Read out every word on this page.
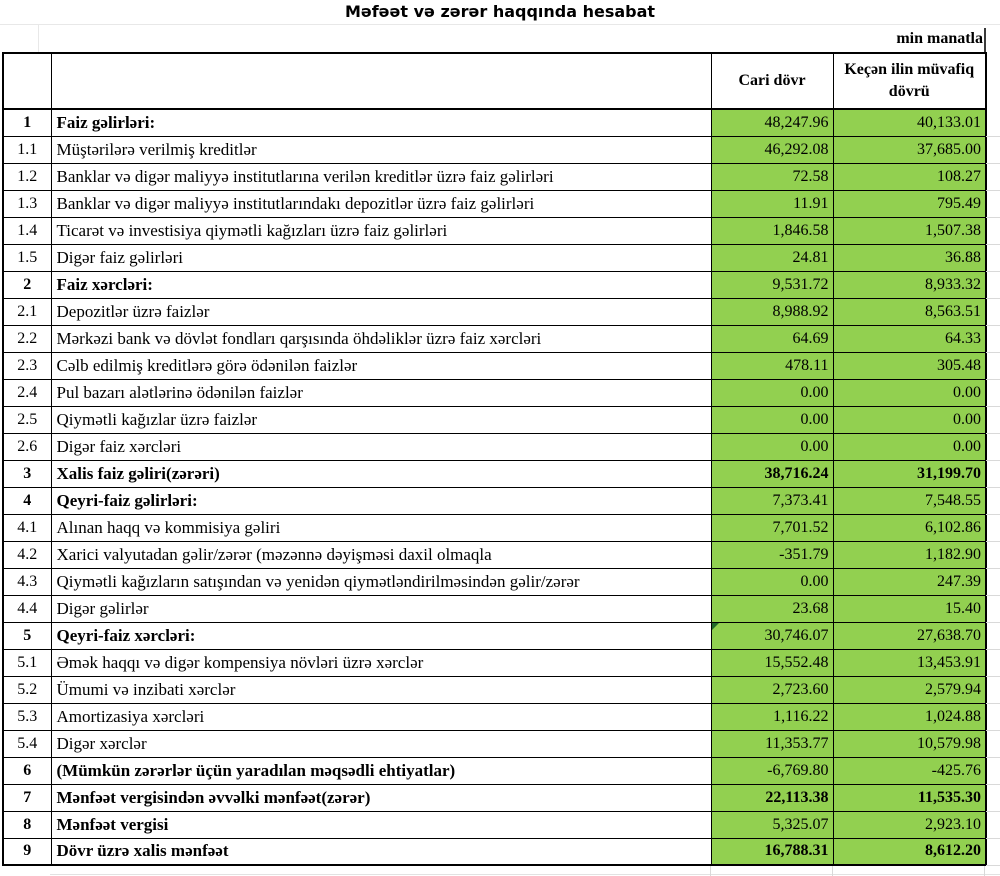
Məfəət və zərər haqqında hesabat
min manatla
		Cari dövr	Keçən ilin müvafiq dövrü
1	Faiz gəlirləri:	48,247.96	40,133.01

1.1	Müştərilərə verilmiş kreditlər	46,292.08	37,685.00

1.2	Banklar və digər maliyyə institutlarına verilən kreditlər üzrə faiz gəlirləri	72.58	108.27

1.3	Banklar və digər maliyyə institutlarındakı depozitlər üzrə faiz gəlirləri	11.91	795.49

1.4	Ticarət və investisiya qiymətli kağızları üzrə faiz gəlirləri	1,846.58	1,507.38

1.5	Digər faiz gəlirləri	24.81	36.88

2	Faiz xərcləri:	9,531.72	8,933.32

2.1	Depozitlər üzrə faizlər	8,988.92	8,563.51

2.2	Mərkəzi bank və dövlət fondları qarşısında öhdəliklər üzrə faiz xərcləri	64.69	64.33

2.3	Cəlb edilmiş kreditlərə görə ödənilən faizlər	478.11	305.48

2.4	Pul bazarı alətlərinə ödənilən faizlər	0.00	0.00

2.5	Qiymətli kağızlar üzrə faizlər	0.00	0.00

2.6	Digər faiz xərcləri	0.00	0.00

3	Xalis faiz gəliri(zərəri)	38,716.24	31,199.70

4	Qeyri-faiz gəlirləri:	7,373.41	7,548.55

4.1	Alınan haqq və kommisiya gəliri	7,701.52	6,102.86

4.2	Xarici valyutadan gəlir/zərər (məzənnə dəyişməsi daxil olmaqla	-351.79	1,182.90

4.3	Qiymətli kağızların satışından və yenidən qiymətləndirilməsindən gəlir/zərər	0.00	247.39

4.4	Digər gəlirlər	23.68	15.40

5	Qeyri-faiz xərcləri:	30,746.07	27,638.70

5.1	Əmək haqqı və digər kompensiya növləri üzrə xərclər	15,552.48	13,453.91

5.2	Ümumi və inzibati xərclər	2,723.60	2,579.94

5.3	Amortizasiya xərcləri	1,116.22	1,024.88

5.4	Digər xərclər	11,353.77	10,579.98

6	(Mümkün zərərlər üçün yaradılan məqsədli ehtiyatlar)	-6,769.80	-425.76

7	Mənfəət vergisindən əvvəlki mənfəət(zərər)	22,113.38	11,535.30

8	Mənfəət vergisi	5,325.07	2,923.10

9	Dövr üzrə xalis mənfəət	16,788.31	8,612.20
